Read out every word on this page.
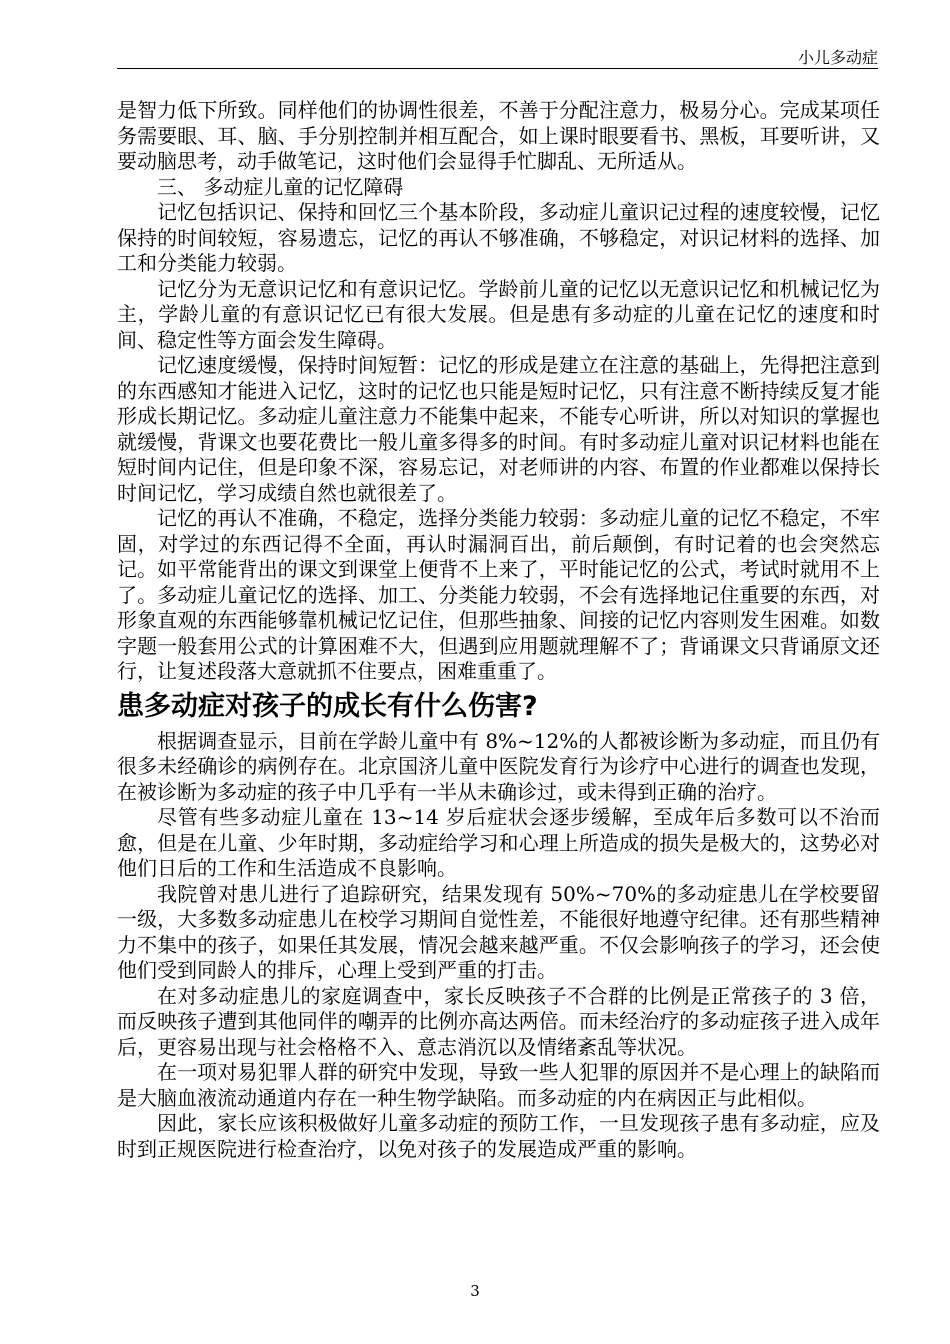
小儿多动症

是智力低下所致。同样他们的协调性很差，不善于分配注意力，极易分心。完成某项任务需要眼、耳、脑、手分别控制并相互配合，如上课时眼要看书、黑板，耳要听讲，又要动脑思考，动手做笔记，这时他们会显得手忙脚乱、无所适从。

三、 多动症儿童的记忆障碍

记忆包括识记、保持和回忆三个基本阶段，多动症儿童识记过程的速度较慢，记忆保持的时间较短，容易遗忘，记忆的再认不够准确，不够稳定，对识记材料的选择、加工和分类能力较弱。

记忆分为无意识记忆和有意识记忆。学龄前儿童的记忆以无意识记忆和机械记忆为主，学龄儿童的有意识记忆已有很大发展。但是患有多动症的儿童在记忆的速度和时间、稳定性等方面会发生障碍。

记忆速度缓慢，保持时间短暂：记忆的形成是建立在注意的基础上，先得把注意到的东西感知才能进入记忆，这时的记忆也只能是短时记忆，只有注意不断持续反复才能形成长期记忆。多动症儿童注意力不能集中起来，不能专心听讲，所以对知识的掌握也就缓慢，背课文也要花费比一般儿童多得多的时间。有时多动症儿童对识记材料也能在短时间内记住，但是印象不深，容易忘记，对老师讲的内容、布置的作业都难以保持长时间记忆，学习成绩自然也就很差了。

记忆的再认不准确，不稳定，选择分类能力较弱：多动症儿童的记忆不稳定，不牢固，对学过的东西记得不全面，再认时漏洞百出，前后颠倒，有时记着的也会突然忘记。如平常能背出的课文到课堂上便背不上来了，平时能记忆的公式，考试时就用不上了。多动症儿童记忆的选择、加工、分类能力较弱，不会有选择地记住重要的东西，对形象直观的东西能够靠机械记忆记住，但那些抽象、间接的记忆内容则发生困难。如数字题一般套用公式的计算困难不大，但遇到应用题就理解不了；背诵课文只背诵原文还行，让复述段落大意就抓不住要点，困难重重了。

患多动症对孩子的成长有什么伤害?

根据调查显示，目前在学龄儿童中有 8%~12%的人都被诊断为多动症，而且仍有很多未经确诊的病例存在。北京国济儿童中医院发育行为诊疗中心进行的调查也发现，在被诊断为多动症的孩子中几乎有一半从未确诊过，或未得到正确的治疗。

尽管有些多动症儿童在 13~14 岁后症状会逐步缓解，至成年后多数可以不治而愈，但是在儿童、少年时期，多动症给学习和心理上所造成的损失是极大的，这势必对他们日后的工作和生活造成不良影响。

我院曾对患儿进行了追踪研究，结果发现有 50%~70%的多动症患儿在学校要留一级，大多数多动症患儿在校学习期间自觉性差，不能很好地遵守纪律。还有那些精神力不集中的孩子，如果任其发展，情况会越来越严重。不仅会影响孩子的学习，还会使他们受到同龄人的排斥，心理上受到严重的打击。

在对多动症患儿的家庭调查中，家长反映孩子不合群的比例是正常孩子的 3 倍，而反映孩子遭到其他同伴的嘲弄的比例亦高达两倍。而未经治疗的多动症孩子进入成年后，更容易出现与社会格格不入、意志消沉以及情绪紊乱等状况。

在一项对易犯罪人群的研究中发现，导致一些人犯罪的原因并不是心理上的缺陷而是大脑血液流动通道内存在一种生物学缺陷。而多动症的内在病因正与此相似。

因此，家长应该积极做好儿童多动症的预防工作，一旦发现孩子患有多动症，应及时到正规医院进行检查治疗，以免对孩子的发展造成严重的影响。

3
